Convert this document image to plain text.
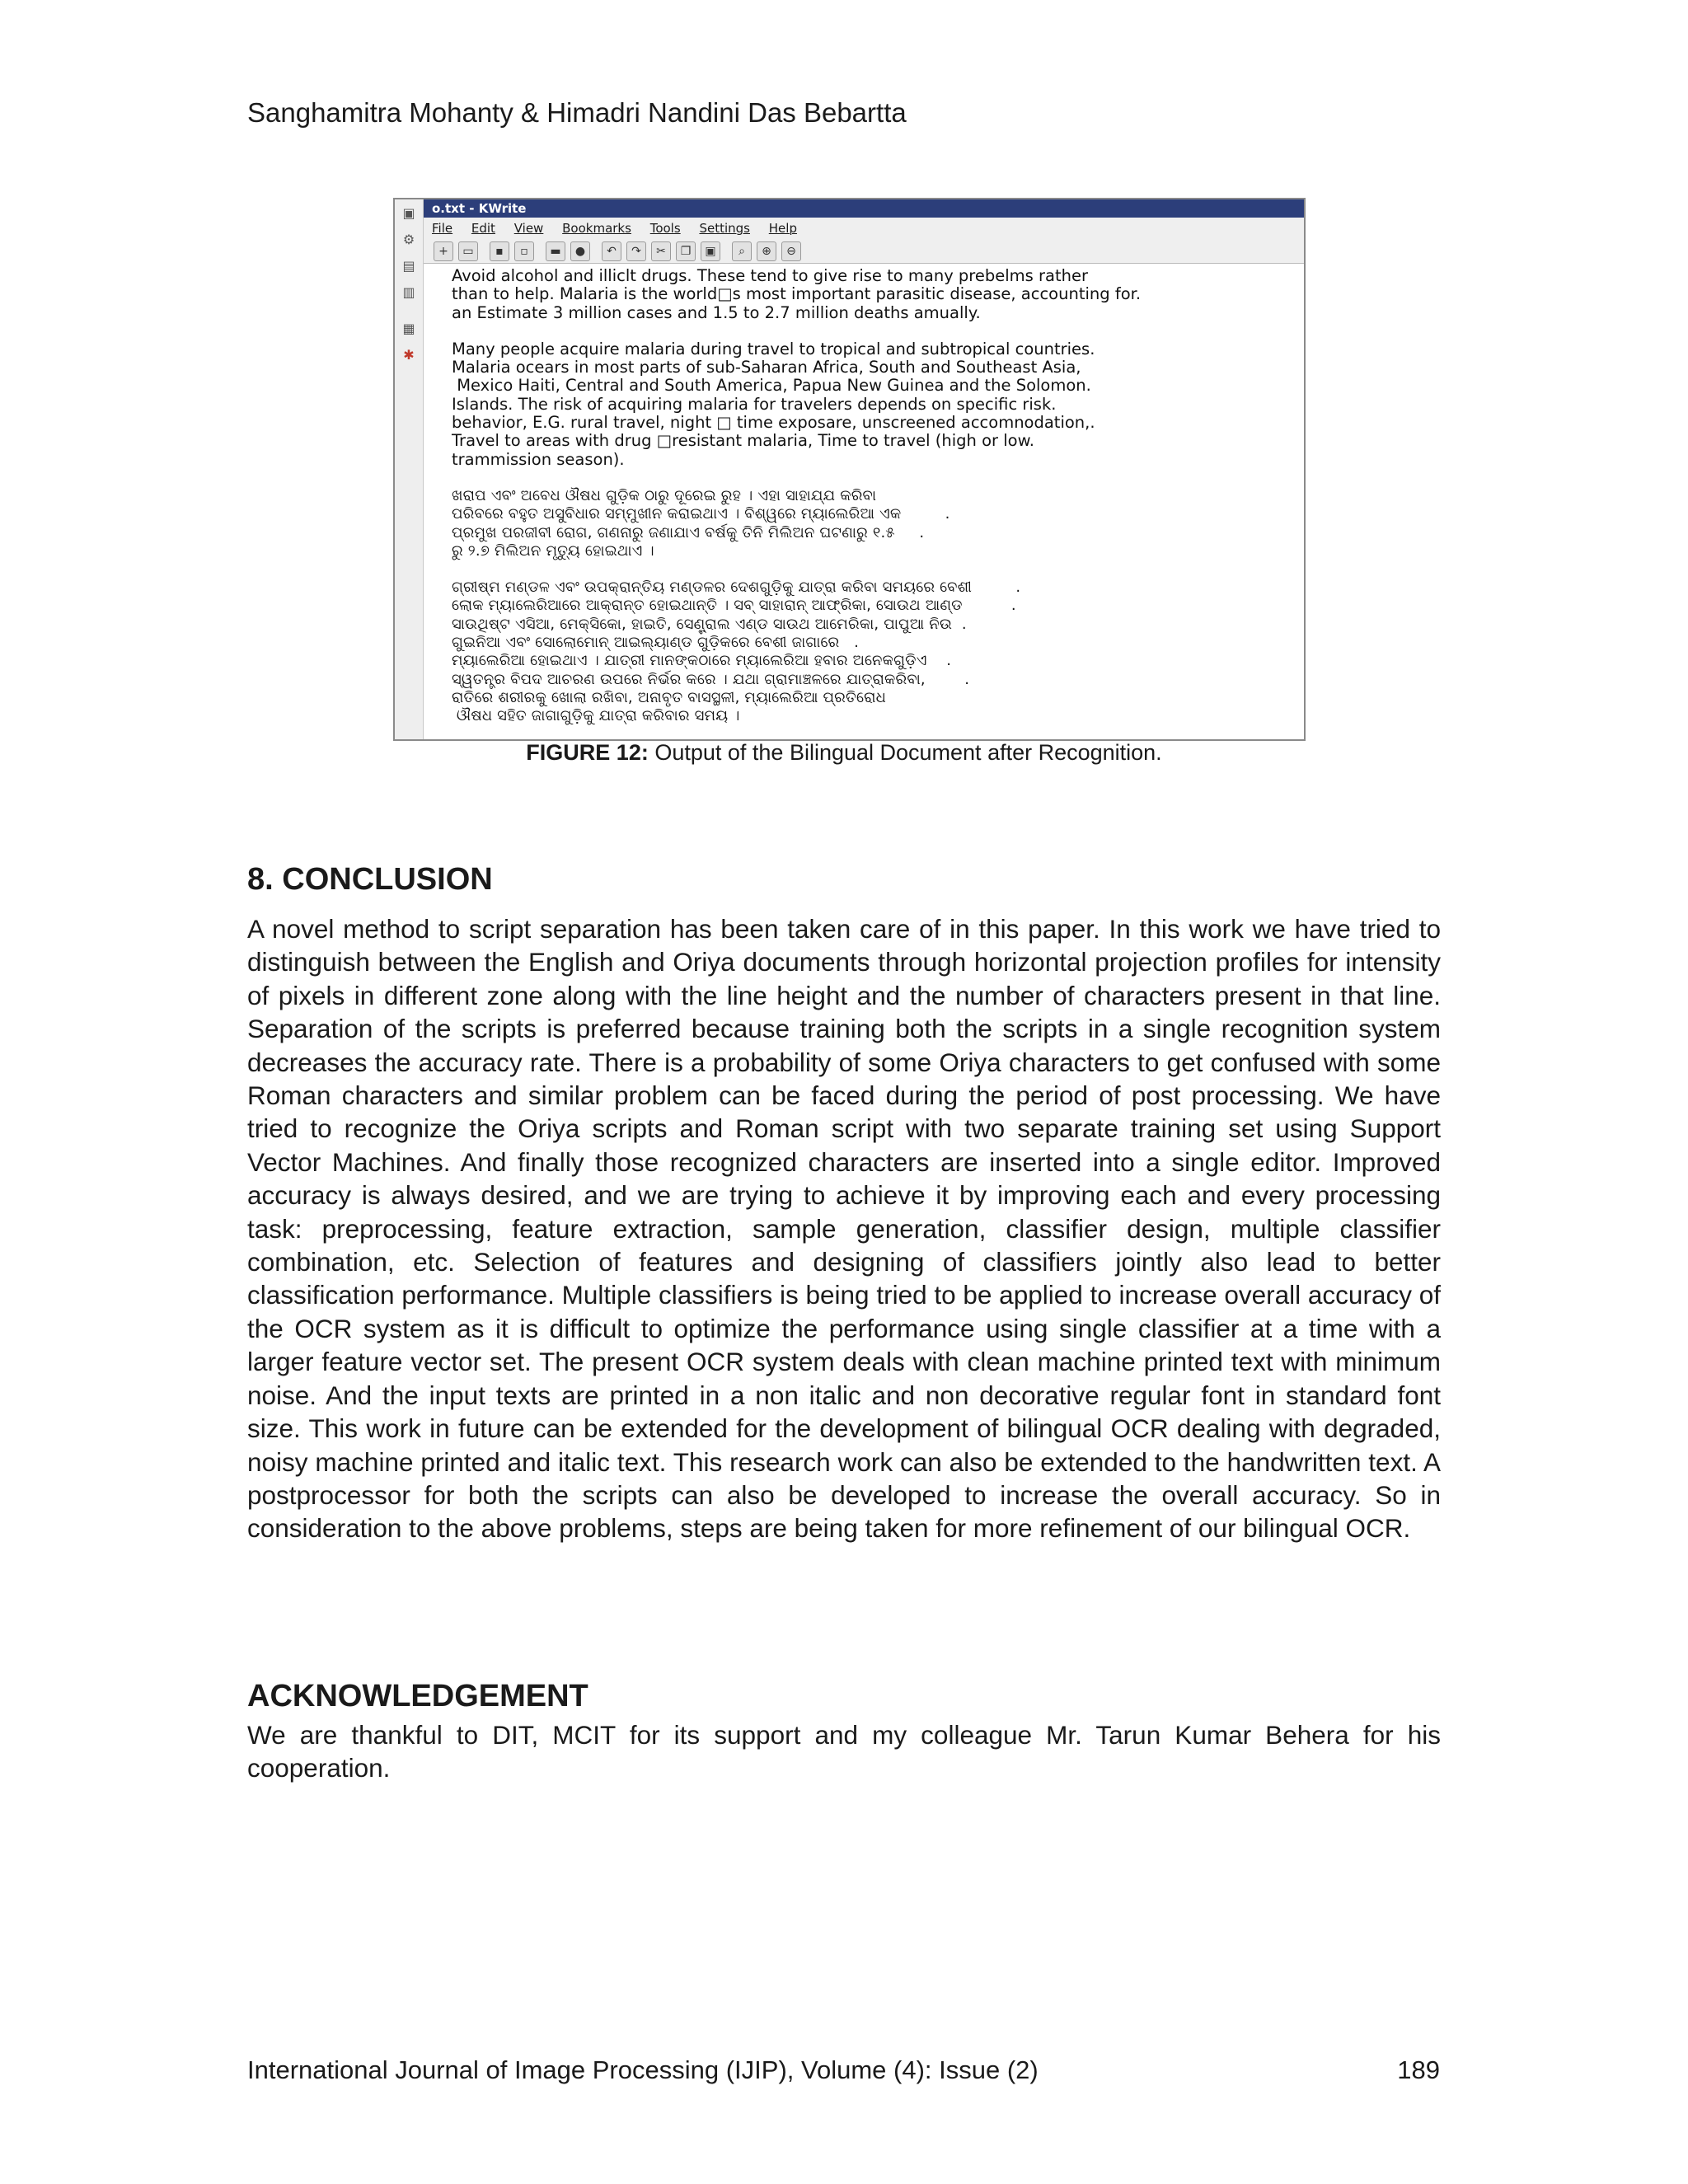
Sanghamitra Mohanty & Himadri Nandini Das Bebartta
▣
⚙
▤
▥
▦
✱
o.txt - KWrite
File Edit View Bookmarks Tools Settings Help
+	▭	▪	▫	▬	●	↶	↷	✂	❐	▣	⌕	⊕	⊖

Avoid alcohol and illiclt drugs. These tend to give rise to many prebelms rather
than to help. Malaria is the world□s most important parasitic disease, accounting for.
an Estimate 3 million cases and 1.5 to 2.7 million deaths amually.

Many people acquire malaria during travel to tropical and subtropical countries.
Malaria ocears in most parts of sub-Saharan Africa, South and Southeast Asia,
Mexico Haiti, Central and South America, Papua New Guinea and the Solomon.
Islands. The risk of acquiring malaria for travelers depends on specific risk.
behavior, E.G. rural travel, night □ time exposare, unscreened accomnodation,.
Travel to areas with drug □resistant malaria, Time to travel (high or low.
trammission season).

ଖରାପ ଏବଂ ଅବେଧ ଔଷଧ ଗୁଡ଼ିକ ଠାରୁ ଦୂରେଇ ରୁହ । ଏହା ସାହାଯ୍ଯ କରିବା
ପରିବରେ ବହୁତ ଅସୁବିଧାର ସମ୍ମୁଖୀନ କରାଇଥାଏ । ବିଶ୍ୱରେ ମ୍ୟାଲେରିଆ ଏକ         .
ପ୍ରମୁଖ ପରଜୀବୀ ରୋଗ, ଗଣନାରୁ ଜଣାଯାଏ ବର୍ଷକୁ ତିନି ମିଲିଅନ ଘଟଣାରୁ ୧.୫     .
ରୁ ୨.୭ ମିଲିଅନ ମୃତ୍ୟୁ ହୋଇଥାଏ ।

ଗ୍ରୀଷ୍ମ ମଣ୍ଡଳ ଏବଂ ଉପକ୍ରାନ୍ତିୟ ମଣ୍ଡଳର ଦେଶଗୁଡ଼ିକୁ ଯାତ୍ରା କରିବା ସମୟରେ ବେଶୀ         .
ଲୋକ ମ୍ୟାଲେରିଆରେ ଆକ୍ରାନ୍ତ ହୋଇଥାନ୍ତି । ସବ୍ ସାହାରାନ୍ ଆଫ୍ରିକା, ସୋଉଥ ଆଣ୍ଡ          .
ସାଉଥିଷ୍ଟ ଏସିଆ, ମେକ୍ସିକୋ, ହାଇତି, ସେଣ୍ଟ୍ରାଲ ଏଣ୍ଡ ସାଉଥ ଆମେରିକା, ପାପୁଆ ନିଉ  .
ଗୁଇନିଆ ଏବଂ ସୋଲୋମୋନ୍ ଆଇଲ୍ୟାଣ୍ଡ ଗୁଡ଼ିକରେ ବେଶୀ ଜାଗାରେ   .
ମ୍ୟାଲେରିଆ ହୋଇଥାଏ । ଯାତ୍ରୀ ମାନଙ୍କଠାରେ ମ୍ୟାଲେରିଆ ହବାର ଅନେକଗୁଡ଼ିଏ    .
ସ୍ୱତନ୍ତ୍ର ବିପଦ ଆଚରଣ ଉପରେ ନିର୍ଭର କରେ । ଯଥା ଗ୍ରାମାଞ୍ଚଳରେ ଯାତ୍ରାକରିବା,        .
ରାତିରେ ଶରୀରକୁ ଖୋଲା ରଖିବା, ଅନାବୃତ ବାସସ୍ଥଳୀ, ମ୍ୟାଲେରିଆ ପ୍ରତିରୋଧ
ଔଷଧ ସହିତ ଜାଗାଗୁଡ଼ିକୁ ଯାତ୍ରା କରିବାର ସମୟ ।

FIGURE 12: Output of the Bilingual Document after Recognition.
8. CONCLUSION

A novel method to script separation has been taken care of in this paper. In this work we have tried to distinguish between the English and Oriya documents through horizontal projection profiles for intensity of pixels in different zone along with the line height and the number of characters present in that line. Separation of the scripts is preferred because training both the scripts in a single recognition system decreases the accuracy rate. There is a probability of some Oriya characters to get confused with some Roman characters and similar problem can be faced during the period of post processing. We have tried to recognize the Oriya scripts and Roman script with two separate training set using Support Vector Machines. And finally those recognized characters are inserted into a single editor. Improved accuracy is always desired, and we are trying to achieve it by improving each and every processing task: preprocessing, feature extraction, sample generation, classifier design, multiple classifier combination, etc. Selection of features and designing of classifiers jointly also lead to better classification performance. Multiple classifiers is being tried to be applied to increase overall accuracy of the OCR system as it is difficult to optimize the performance using single classifier at a time with a larger feature vector set. The present OCR system deals with clean machine printed text with minimum noise. And the input texts are printed in a non italic and non decorative regular font in standard font size. This work in future can be extended for the development of bilingual OCR dealing with degraded, noisy machine printed and italic text. This research work can also be extended to the handwritten text. A postprocessor for both the scripts can also be developed to increase the overall accuracy. So in consideration to the above problems, steps are being taken for more refinement of our bilingual OCR.

ACKNOWLEDGEMENT

We are thankful to DIT, MCIT for its support and my colleague Mr. Tarun Kumar Behera for his cooperation.

International Journal of Image Processing (IJIP), Volume (4): Issue (2)	189
